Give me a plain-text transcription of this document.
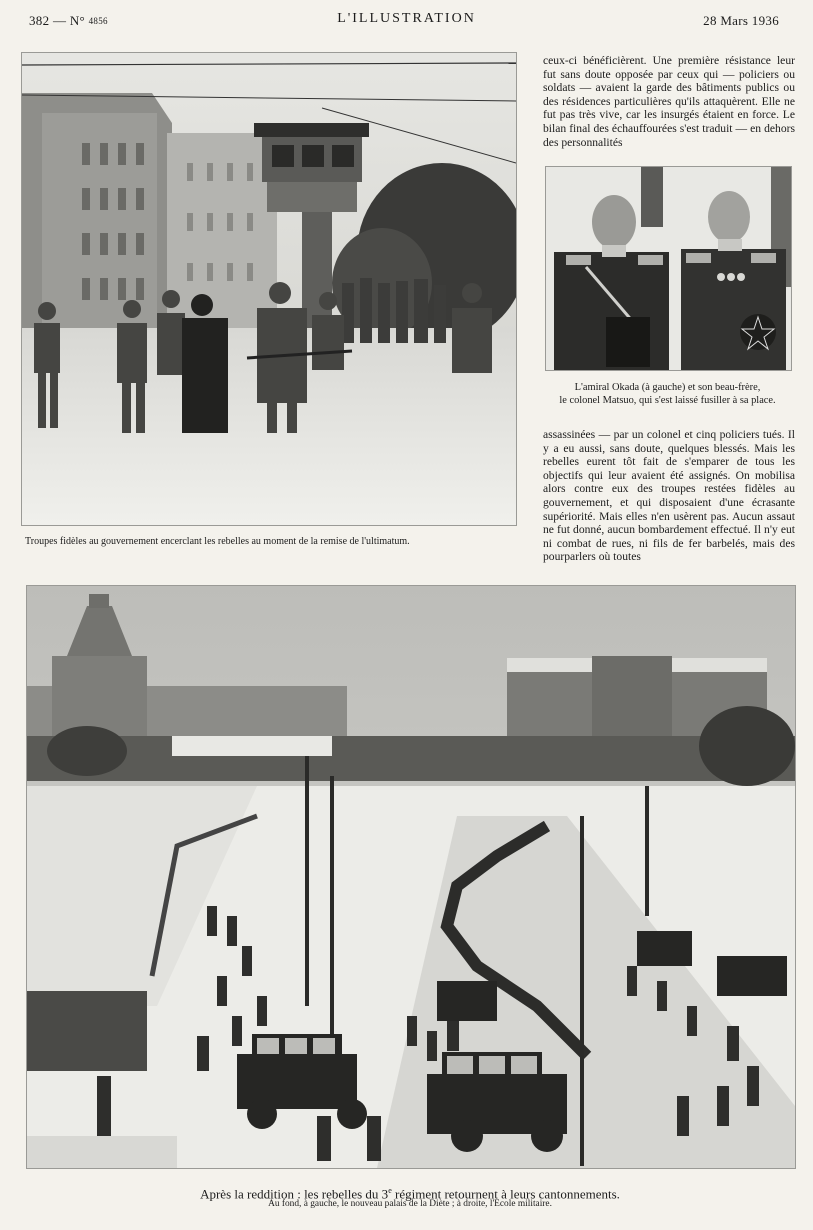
382 — N° 4856	L'ILLUSTRATION	28 Mars 1936
ceux-ci bénéficièrent. Une première résistance leur fut sans doute opposée par ceux qui — policiers ou soldats — avaient la garde des bâtiments publics ou des résidences particulières qu'ils attaquèrent. Elle ne fut pas très vive, car les insurgés étaient en force. Le bilan final des échauffourées s'est traduit — en dehors des personnalités
L'amiral Okada (à gauche) et son beau-frère,
le colonel Matsuo, qui s'est laissé fusiller à sa place.
assassinées — par un colonel et cinq policiers tués. Il y a eu aussi, sans doute, quelques blessés. Mais les rebelles eurent tôt fait de s'emparer de tous les objectifs qui leur avaient été assignés. On mobilisa alors contre eux des troupes restées fidèles au gouvernement, et qui disposaient d'une écrasante supériorité. Mais elles n'en usèrent pas. Aucun assaut ne fut donné, aucun bombardement effectué. Il n'y eut ni combat de rues, ni fils de fer barbelés, mais des pourparlers où toutes
Troupes fidèles au gouvernement encerclant les rebelles au moment de la remise de l'ultimatum.
Après la reddition : les rebelles du 3e régiment retournent à leurs cantonnements.
Au fond, à gauche, le nouveau palais de la Diète ; à droite, l'Ecole militaire.
